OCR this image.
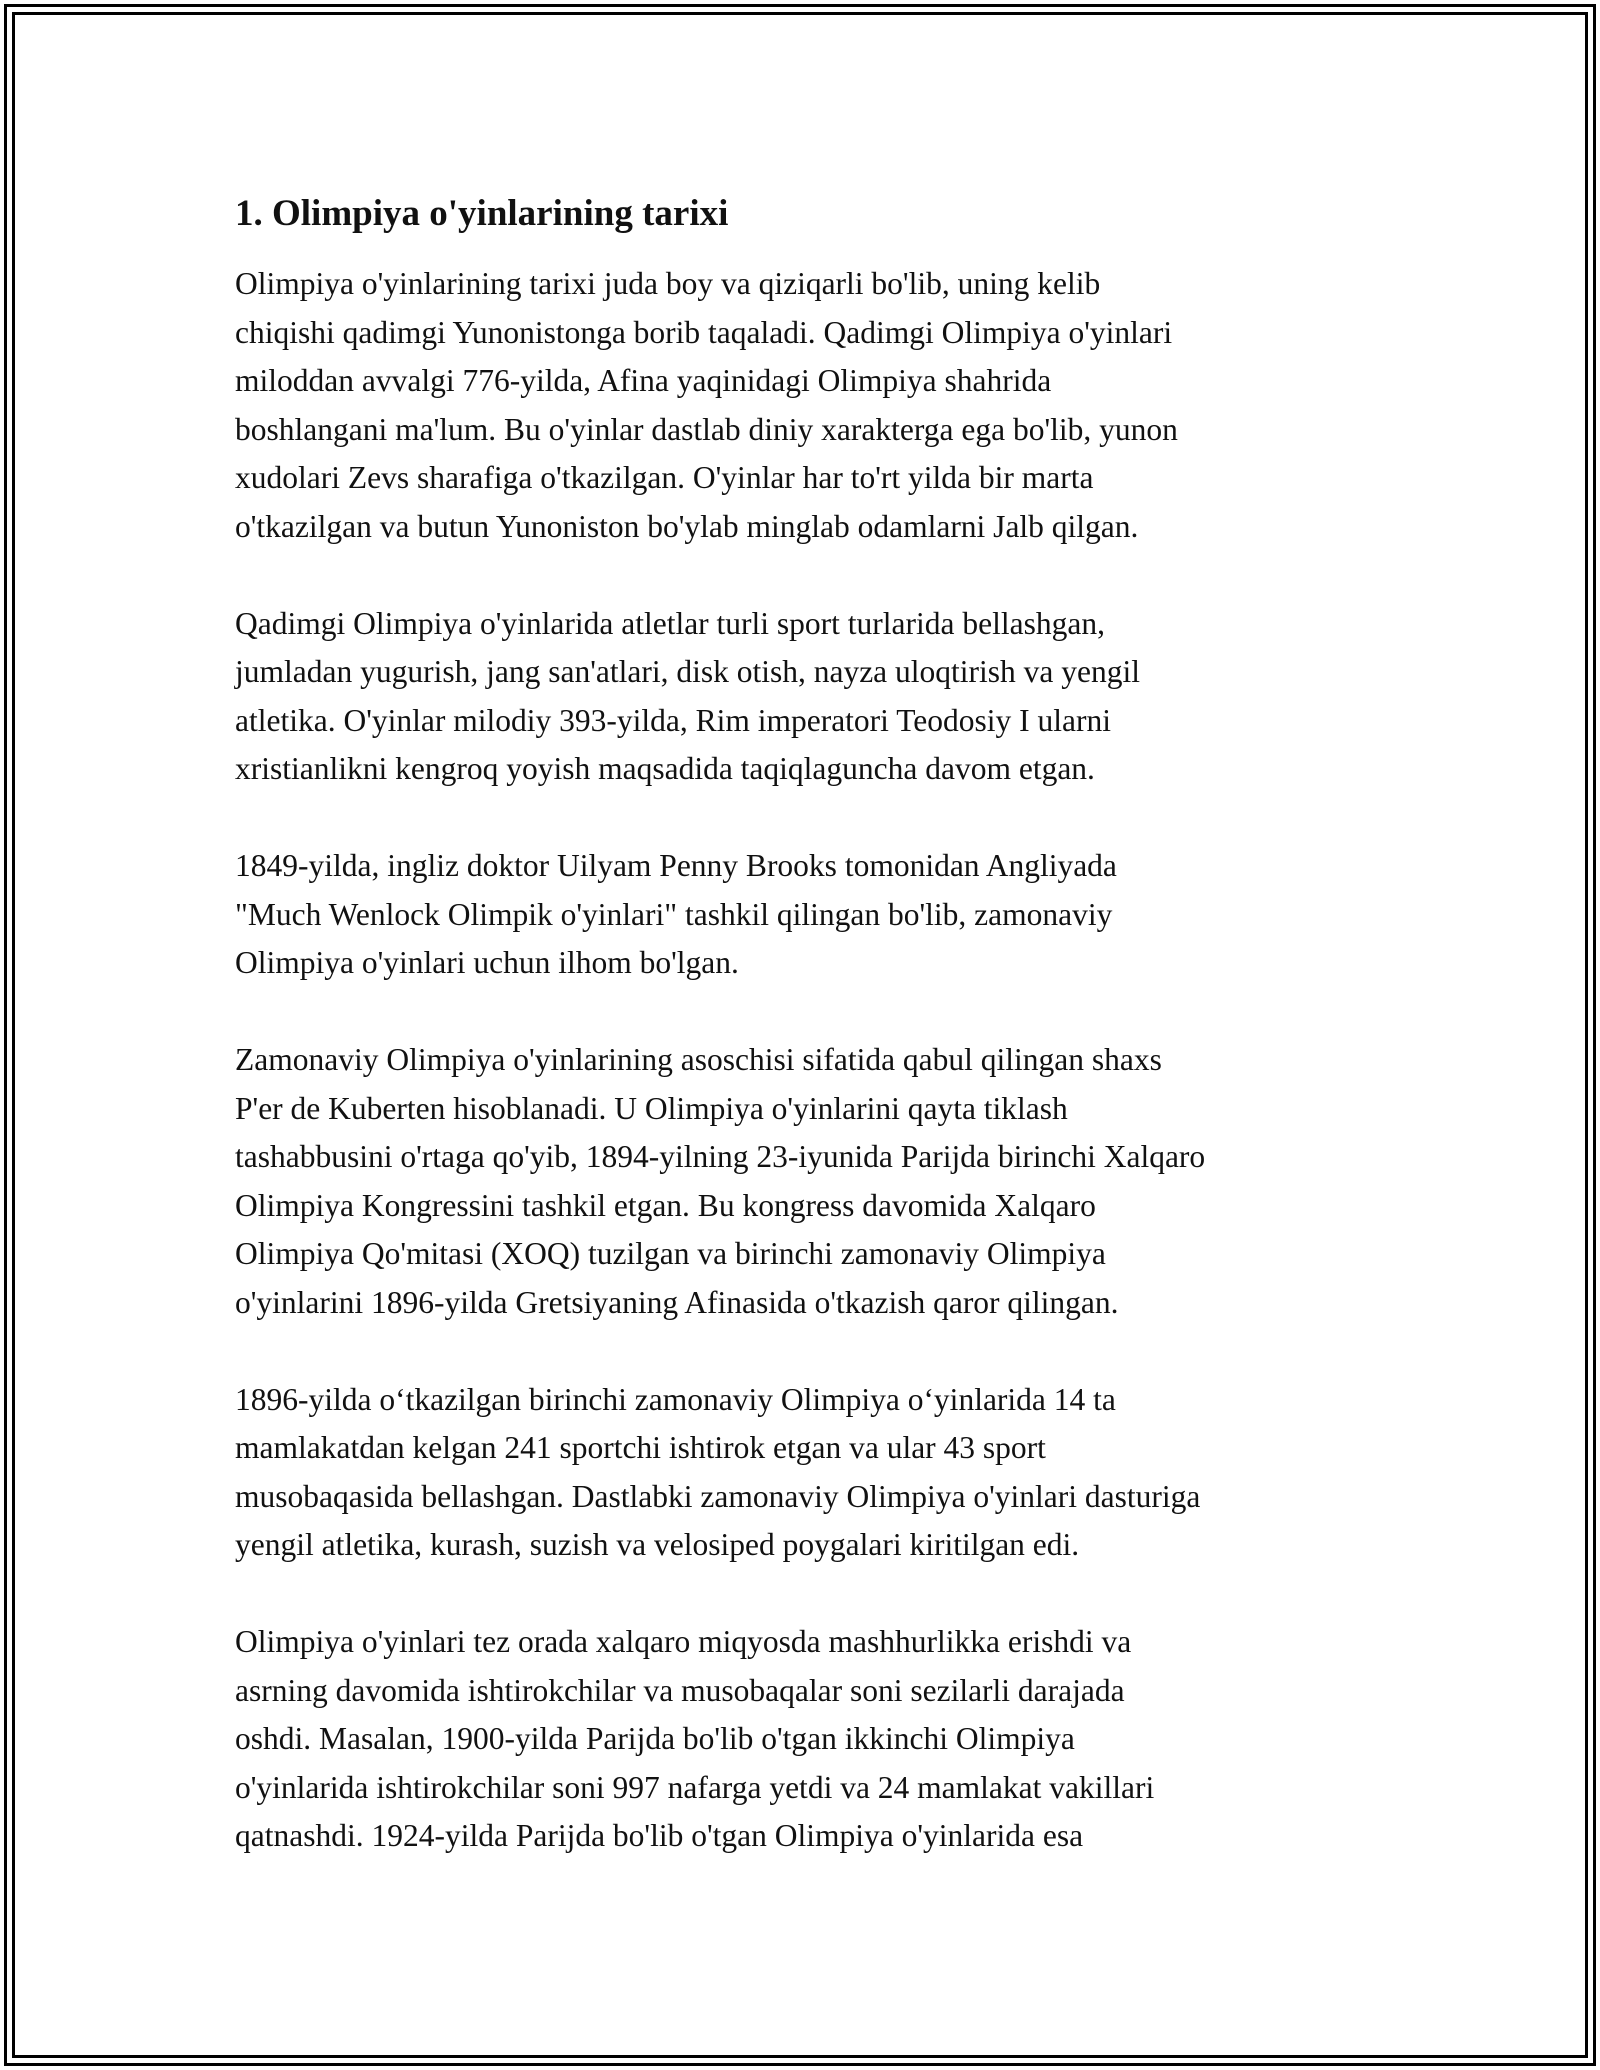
1. Olimpiya o'yinlarining tarixi

Olimpiya o'yinlarining tarixi juda boy va qiziqarli bo'lib, uning kelib
chiqishi qadimgi Yunonistonga borib taqaladi. Qadimgi Olimpiya o'yinlari
miloddan avvalgi 776-yilda, Afina yaqinidagi Olimpiya shahrida
boshlangani ma'lum. Bu o'yinlar dastlab diniy xarakterga ega bo'lib, yunon
xudolari Zevs sharafiga o'tkazilgan. O'yinlar har to'rt yilda bir marta
o'tkazilgan va butun Yunoniston bo'ylab minglab odamlarni Jalb qilgan.

Qadimgi Olimpiya o'yinlarida atletlar turli sport turlarida bellashgan,
jumladan yugurish, jang san'atlari, disk otish, nayza uloqtirish va yengil
atletika. O'yinlar milodiy 393-yilda, Rim imperatori Teodosiy I ularni
xristianlikni kengroq yoyish maqsadida taqiqlaguncha davom etgan.

1849-yilda, ingliz doktor Uilyam Penny Brooks tomonidan Angliyada
"Much Wenlock Olimpik o'yinlari" tashkil qilingan bo'lib, zamonaviy
Olimpiya o'yinlari uchun ilhom bo'lgan.

Zamonaviy Olimpiya o'yinlarining asoschisi sifatida qabul qilingan shaxs
P'er de Kuberten hisoblanadi. U Olimpiya o'yinlarini qayta tiklash
tashabbusini o'rtaga qo'yib, 1894-yilning 23-iyunida Parijda birinchi Xalqaro
Olimpiya Kongressini tashkil etgan. Bu kongress davomida Xalqaro
Olimpiya Qo'mitasi (XOQ) tuzilgan va birinchi zamonaviy Olimpiya
o'yinlarini 1896-yilda Gretsiyaning Afinasida o'tkazish qaror qilingan.

1896-yilda o‘tkazilgan birinchi zamonaviy Olimpiya o‘yinlarida 14 ta
mamlakatdan kelgan 241 sportchi ishtirok etgan va ular 43 sport
musobaqasida bellashgan. Dastlabki zamonaviy Olimpiya o'yinlari dasturiga
yengil atletika, kurash, suzish va velosiped poygalari kiritilgan edi.

Olimpiya o'yinlari tez orada xalqaro miqyosda mashhurlikka erishdi va
asrning davomida ishtirokchilar va musobaqalar soni sezilarli darajada
oshdi. Masalan, 1900-yilda Parijda bo'lib o'tgan ikkinchi Olimpiya
o'yinlarida ishtirokchilar soni 997 nafarga yetdi va 24 mamlakat vakillari
qatnashdi. 1924-yilda Parijda bo'lib o'tgan Olimpiya o'yinlarida esa
